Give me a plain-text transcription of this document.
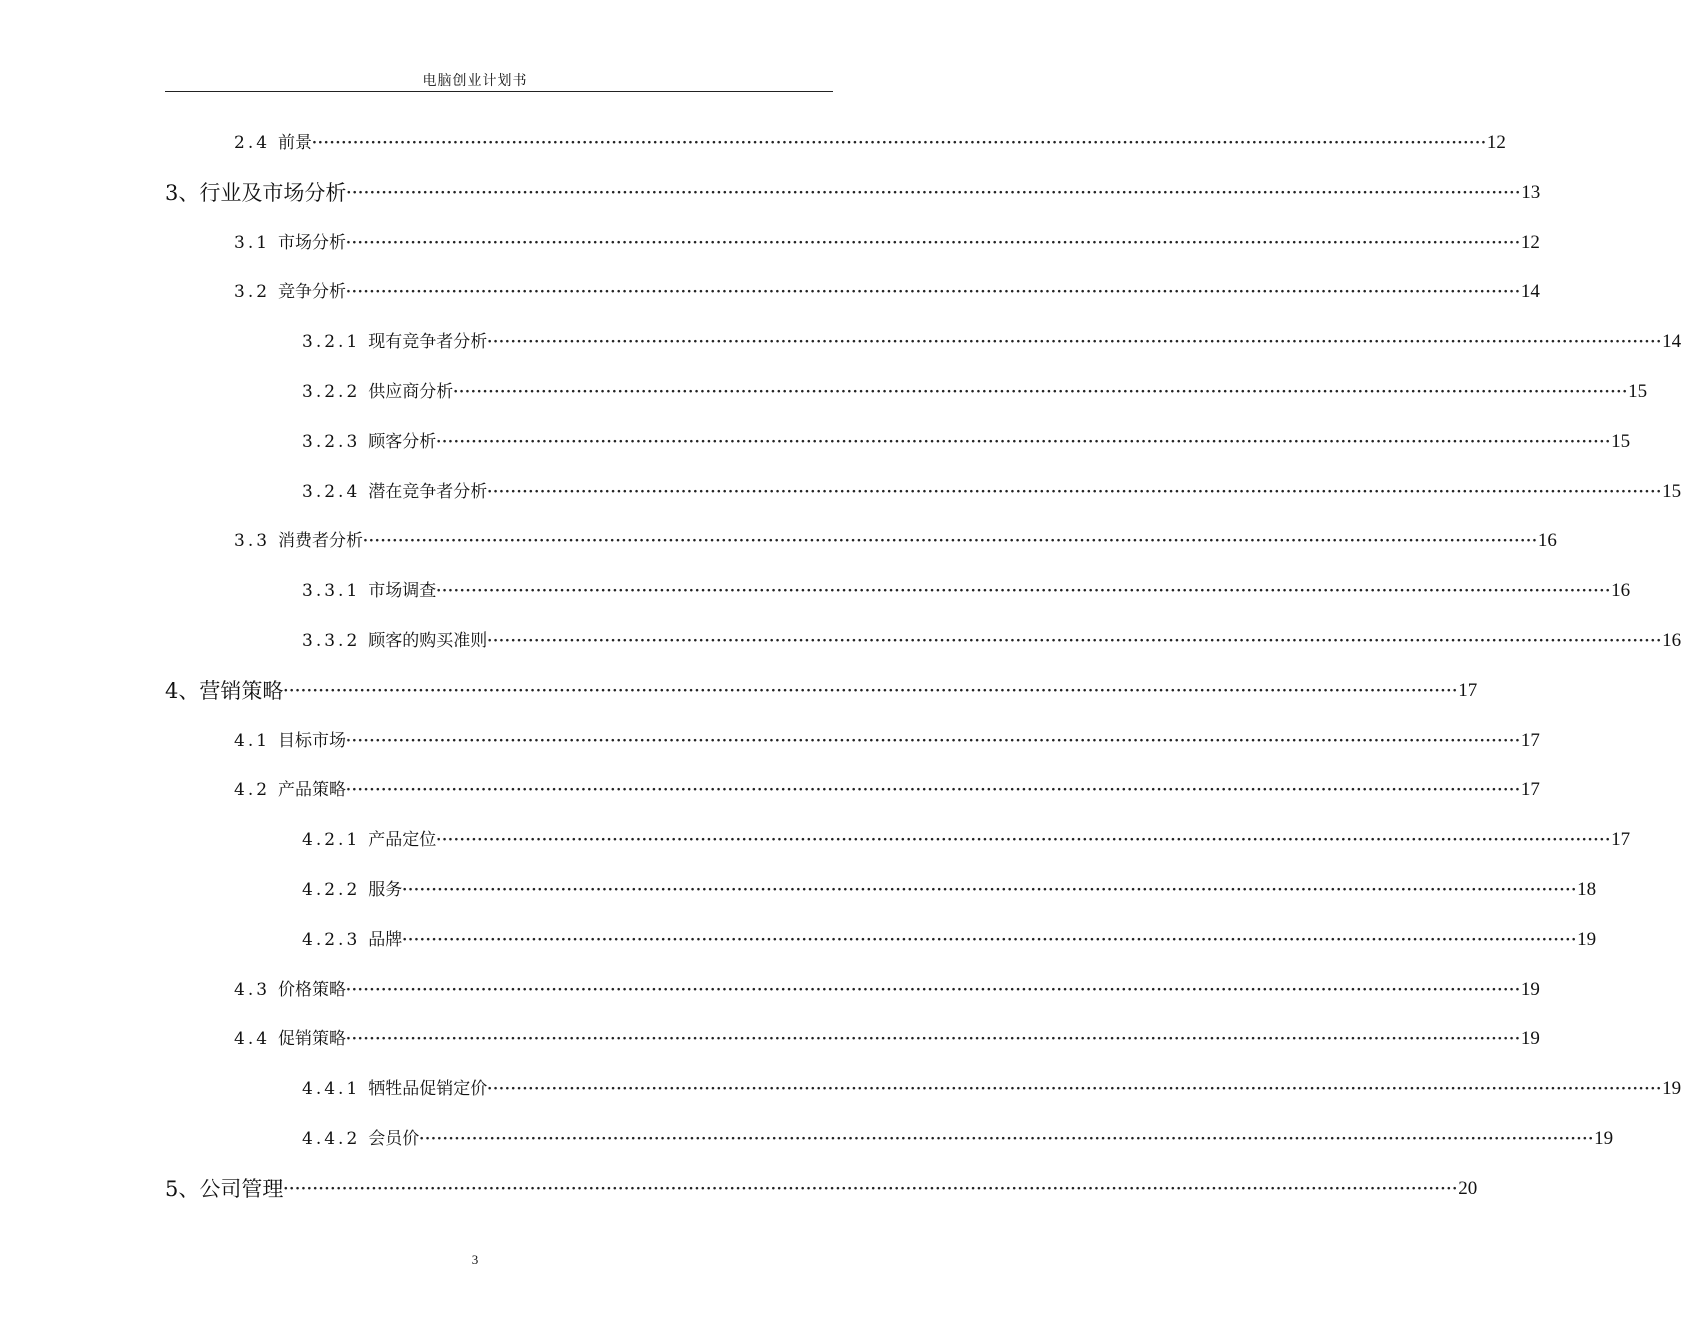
电脑创业计划书
2.4 前景 ········································································································································································································ 12
3、 行业及市场分析 ········································································································································································································ 13
3.1 市场分析 ········································································································································································································ 12
3.2 竞争分析 ········································································································································································································ 14
3.2.1 现有竞争者分析 ········································································································································································································ 14
3.2.2 供应商分析 ········································································································································································································ 15
3.2.3 顾客分析 ········································································································································································································ 15
3.2.4 潜在竞争者分析 ········································································································································································································ 15
3.3 消费者分析 ········································································································································································································ 16
3.3.1 市场调查 ········································································································································································································ 16
3.3.2 顾客的购买准则 ········································································································································································································ 16
4、 营销策略 ········································································································································································································ 17
4.1 目标市场 ········································································································································································································ 17
4.2 产品策略 ········································································································································································································ 17
4.2.1 产品定位 ········································································································································································································ 17
4.2.2 服务 ········································································································································································································ 18
4.2.3 品牌 ········································································································································································································ 19
4.3 价格策略 ········································································································································································································ 19
4.4 促销策略 ········································································································································································································ 19
4.4.1 牺牲品促销定价 ········································································································································································································ 19
4.4.2 会员价 ········································································································································································································ 19
5、 公司管理 ········································································································································································································ 20
3
